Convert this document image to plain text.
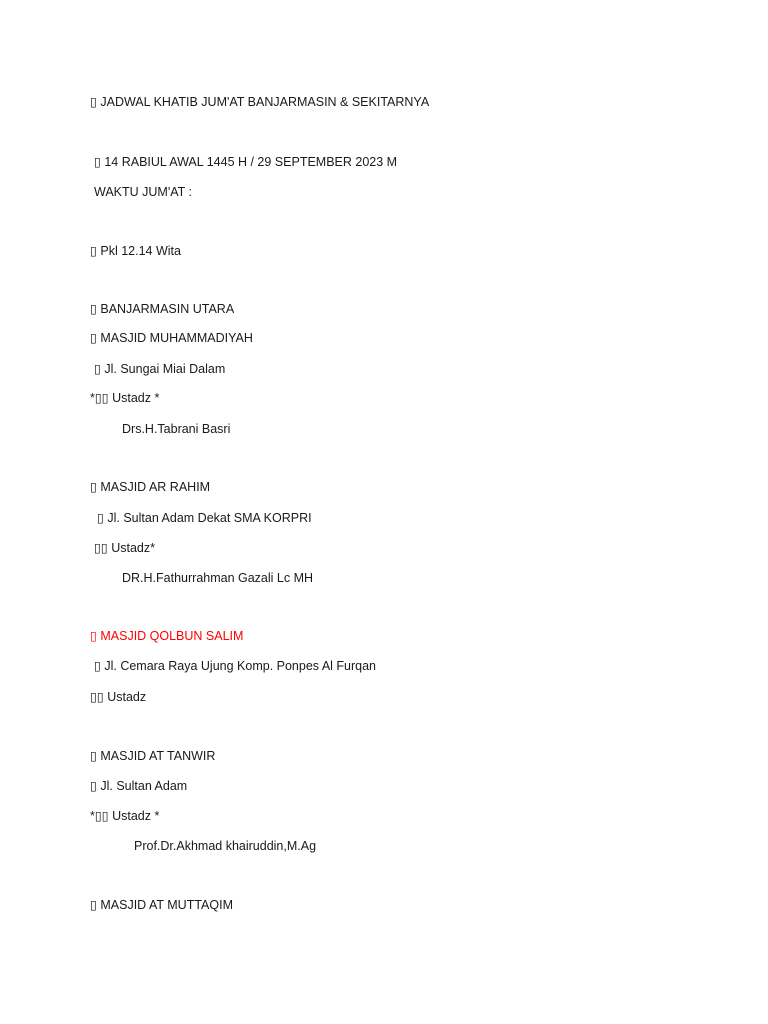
▯ JADWAL KHATIB JUM'AT BANJARMASIN & SEKITARNYA
▯ 14 RABIUL AWAL 1445 H / 29 SEPTEMBER 2023 M
WAKTU JUM'AT :
▯ Pkl 12.14 Wita
▯ BANJARMASIN UTARA
▯ MASJID MUHAMMADIYAH
▯ Jl. Sungai Miai Dalam
*▯▯ Ustadz *
Drs.H.Tabrani Basri
▯ MASJID AR RAHIM
▯ Jl. Sultan Adam Dekat SMA KORPRI
▯▯ Ustadz*
DR.H.Fathurrahman Gazali Lc MH
▯ MASJID QOLBUN SALIM
▯ Jl. Cemara Raya Ujung Komp. Ponpes Al Furqan
▯▯ Ustadz
▯ MASJID AT TANWIR
▯ Jl. Sultan Adam
*▯▯ Ustadz *
Prof.Dr.Akhmad khairuddin,M.Ag
▯ MASJID AT MUTTAQIM
